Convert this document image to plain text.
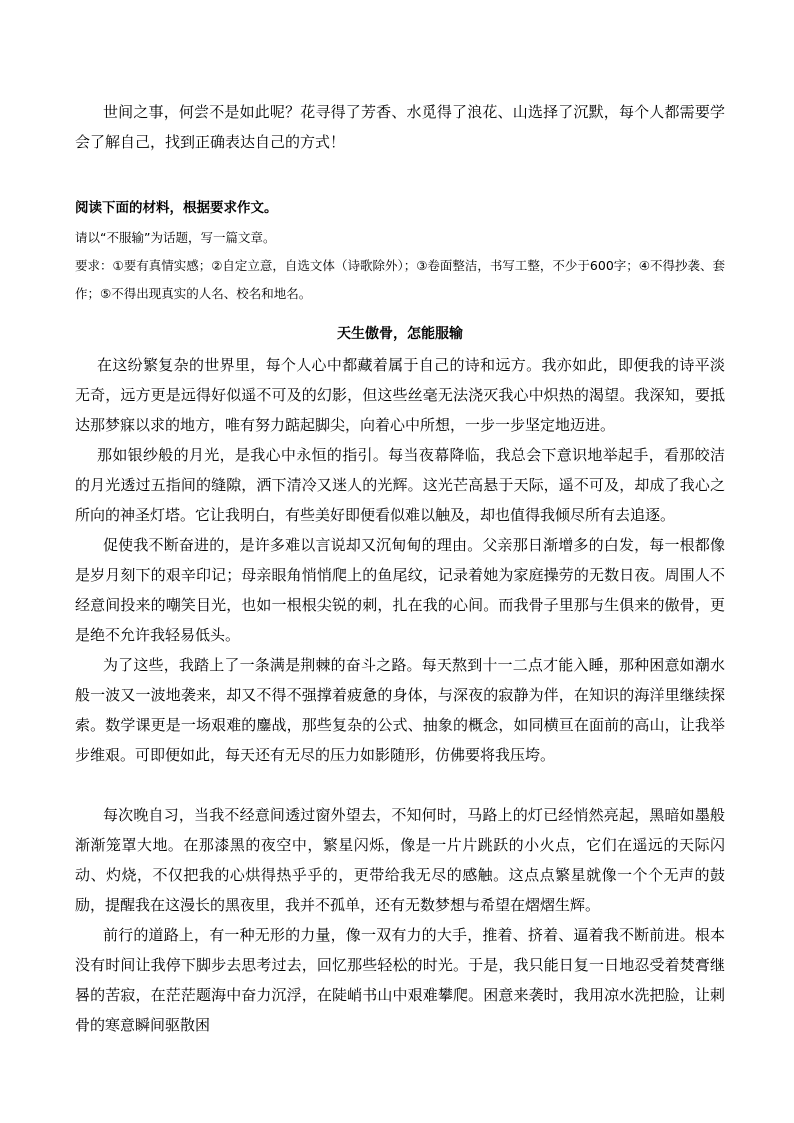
世间之事，何尝不是如此呢？花寻得了芳香、水觅得了浪花、山选择了沉默，每个人都需要学会了解自己，找到正确表达自己的方式！

阅读下面的材料，根据要求作文。

请以“不服输”为话题，写一篇文章。

要求：①要有真情实感；②自定立意，自选文体（诗歌除外）；③卷面整洁，书写工整，不少于600字；④不得抄袭、套作；⑤不得出现真实的人名、校名和地名。

天生傲骨，怎能服输

在这纷繁复杂的世界里，每个人心中都藏着属于自己的诗和远方。我亦如此，即便我的诗平淡无奇，远方更是远得好似遥不可及的幻影，但这些丝毫无法浇灭我心中炽热的渴望。我深知，要抵达那梦寐以求的地方，唯有努力踮起脚尖，向着心中所想，一步一步坚定地迈进。

那如银纱般的月光，是我心中永恒的指引。每当夜幕降临，我总会下意识地举起手，看那皎洁的月光透过五指间的缝隙，洒下清冷又迷人的光辉。这光芒高悬于天际，遥不可及，却成了我心之所向的神圣灯塔。它让我明白，有些美好即便看似难以触及，却也值得我倾尽所有去追逐。

促使我不断奋进的，是许多难以言说却又沉甸甸的理由。父亲那日渐增多的白发，每一根都像是岁月刻下的艰辛印记；母亲眼角悄悄爬上的鱼尾纹，记录着她为家庭操劳的无数日夜。周围人不经意间投来的嘲笑目光，也如一根根尖锐的刺，扎在我的心间。而我骨子里那与生俱来的傲骨，更是绝不允许我轻易低头。

为了这些，我踏上了一条满是荆棘的奋斗之路。每天熬到十一二点才能入睡，那种困意如潮水般一波又一波地袭来，却又不得不强撑着疲惫的身体，与深夜的寂静为伴，在知识的海洋里继续探索。数学课更是一场艰难的鏖战，那些复杂的公式、抽象的概念，如同横亘在面前的高山，让我举步维艰。可即便如此，每天还有无尽的压力如影随形，仿佛要将我压垮。

每次晚自习，当我不经意间透过窗外望去，不知何时，马路上的灯已经悄然亮起，黑暗如墨般渐渐笼罩大地。在那漆黑的夜空中，繁星闪烁，像是一片片跳跃的小火点，它们在遥远的天际闪动、灼烧，不仅把我的心烘得热乎乎的，更带给我无尽的感触。这点点繁星就像一个个无声的鼓励，提醒我在这漫长的黑夜里，我并不孤单，还有无数梦想与希望在熠熠生辉。

前行的道路上，有一种无形的力量，像一双有力的大手，推着、挤着、逼着我不断前进。根本没有时间让我停下脚步去思考过去，回忆那些轻松的时光。于是，我只能日复一日地忍受着焚膏继晷的苦寂，在茫茫题海中奋力沉浮，在陡峭书山中艰难攀爬。困意来袭时，我用凉水洗把脸，让刺骨的寒意瞬间驱散困
